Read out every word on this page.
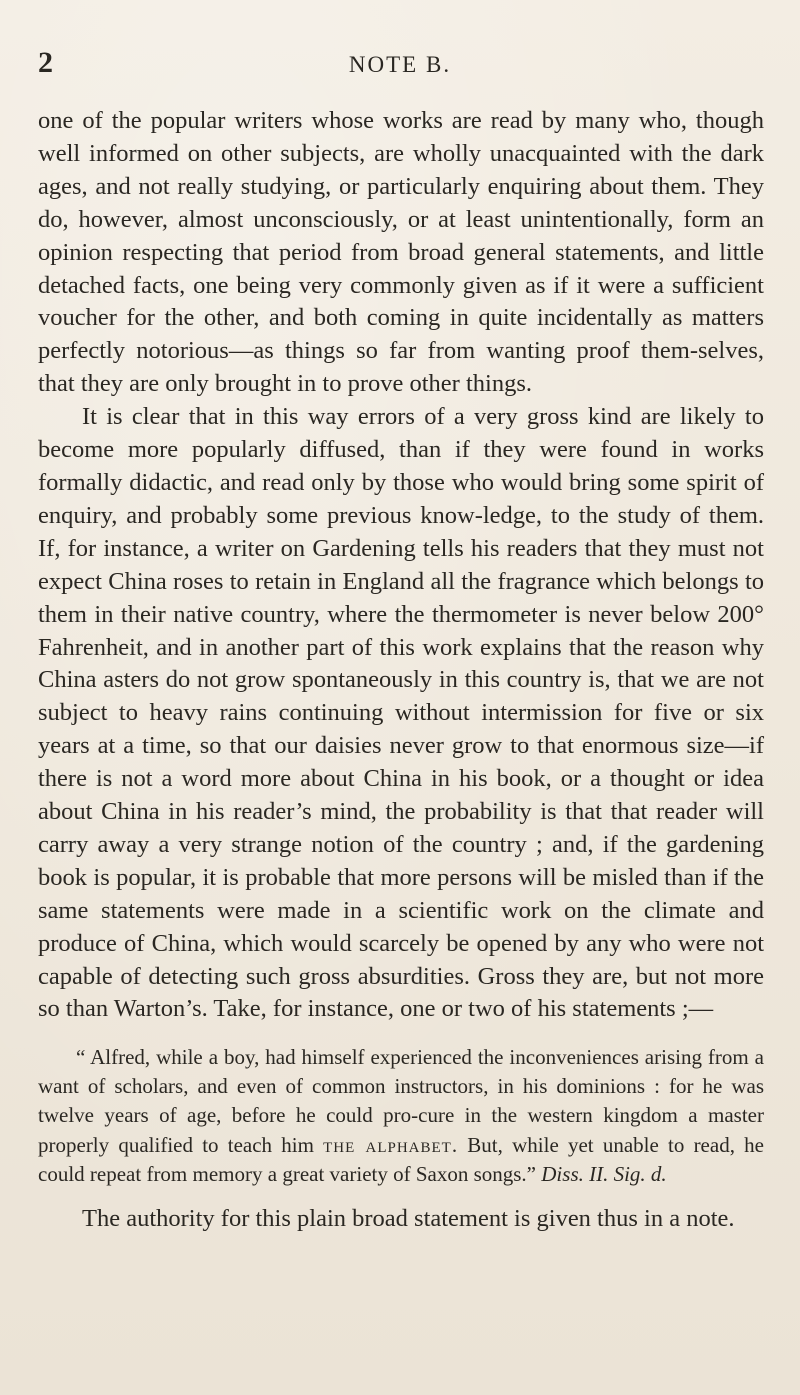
2	NOTE B.

one of the popular writers whose works are read by many who, though well informed on other subjects, are wholly unacquainted with the dark ages, and not really studying, or particularly enquiring about them. They do, however, almost unconsciously, or at least unintentionally, form an opinion respecting that period from broad general statements, and little detached facts, one being very commonly given as if it were a sufficient voucher for the other, and both coming in quite incidentally as matters perfectly notorious—as things so far from wanting proof them-selves, that they are only brought in to prove other things.

It is clear that in this way errors of a very gross kind are likely to become more popularly diffused, than if they were found in works formally didactic, and read only by those who would bring some spirit of enquiry, and probably some previous know-ledge, to the study of them. If, for instance, a writer on Gardening tells his readers that they must not expect China roses to retain in England all the fragrance which belongs to them in their native country, where the thermometer is never below 200° Fahrenheit, and in another part of this work explains that the reason why China asters do not grow spontaneously in this country is, that we are not subject to heavy rains continuing without intermission for five or six years at a time, so that our daisies never grow to that enormous size—if there is not a word more about China in his book, or a thought or idea about China in his reader’s mind, the probability is that that reader will carry away a very strange notion of the country ; and, if the gardening book is popular, it is probable that more persons will be misled than if the same statements were made in a scientific work on the climate and produce of China, which would scarcely be opened by any who were not capable of detecting such gross absurdities. Gross they are, but not more so than Warton’s. Take, for instance, one or two of his statements ;—

“ Alfred, while a boy, had himself experienced the inconveniences arising from a want of scholars, and even of common instructors, in his dominions : for he was twelve years of age, before he could pro-cure in the western kingdom a master properly qualified to teach him the alphabet. But, while yet unable to read, he could repeat from memory a great variety of Saxon songs.” Diss. II. Sig. d.

The authority for this plain broad statement is given thus in a note.
